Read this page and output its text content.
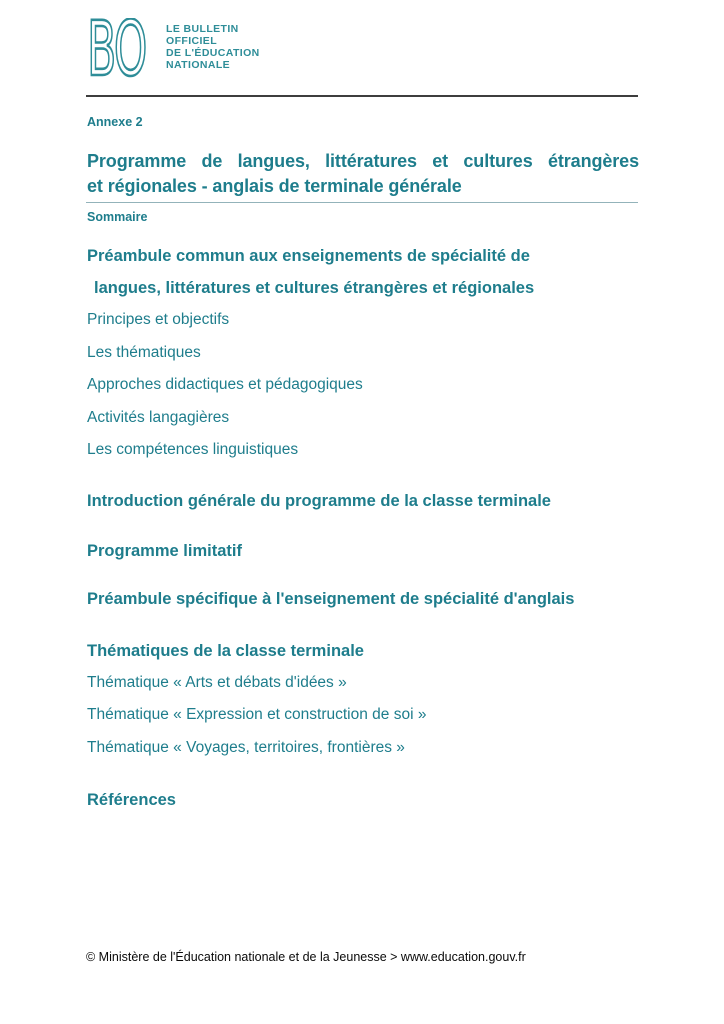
BO LE BULLETIN
OFFICIEL
DE L'ÉDUCATION
NATIONALE
Annexe 2
Programme de langues, littératures et cultures étrangères
et régionales - anglais de terminale générale
Sommaire
Préambule commun aux enseignements de spécialité de
langues, littératures et cultures étrangères et régionales
Principes et objectifs
Les thématiques
Approches didactiques et pédagogiques
Activités langagières
Les compétences linguistiques
Introduction générale du programme de la classe terminale
Programme limitatif
Préambule spécifique à l'enseignement de spécialité d'anglais
Thématiques de la classe terminale
Thématique « Arts et débats d'idées »
Thématique « Expression et construction de soi »
Thématique « Voyages, territoires, frontières »
Références
© Ministère de l'Éducation nationale et de la Jeunesse > www.education.gouv.fr
